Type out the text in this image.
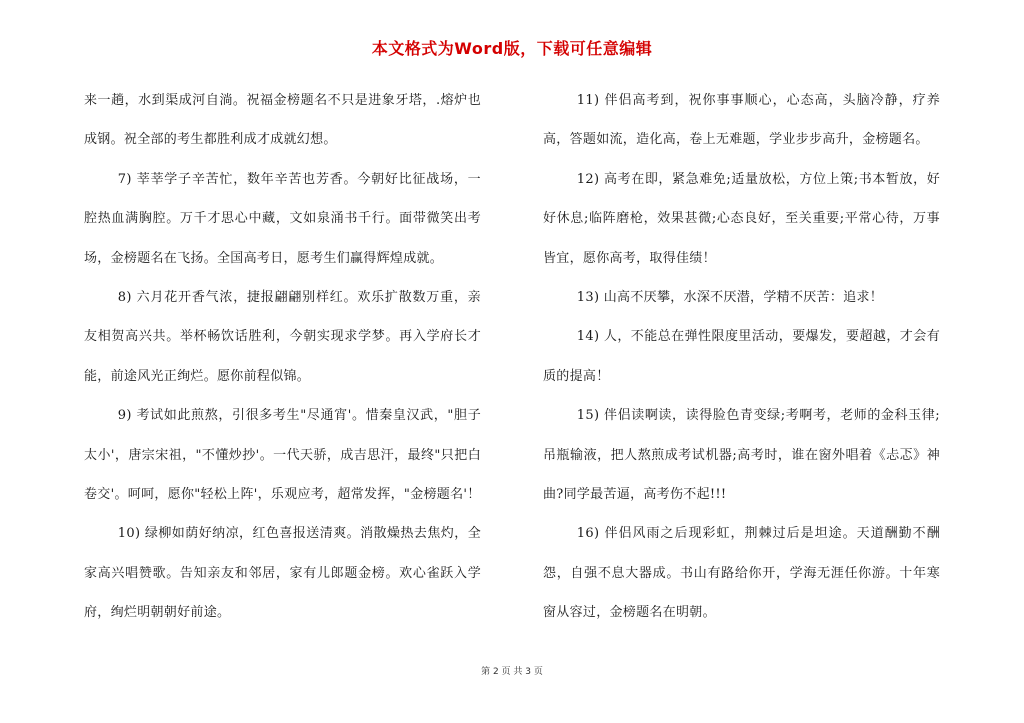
本文格式为Word版，下载可任意编辑

来一趟，水到渠成河自淌。祝福金榜题名不只是进象牙塔，.熔炉也成钢。祝全部的考生都胜利成才成就幻想。

7) 莘莘学子辛苦忙，数年辛苦也芳香。今朝好比征战场，一腔热血满胸腔。万千才思心中藏，文如泉涌书千行。面带微笑出考场，金榜题名在飞扬。全国高考日，愿考生们赢得辉煌成就。

8) 六月花开香气浓，捷报翩翩别样红。欢乐扩散数万重，亲友相贺高兴共。举杯畅饮话胜利，今朝实现求学梦。再入学府长才能，前途风光正绚烂。愿你前程似锦。

9) 考试如此煎熬，引很多考生"尽通宵'。惜秦皇汉武，"胆子太小'，唐宗宋祖，"不懂炒抄'。一代天骄，成吉思汗，最终"只把白卷交'。呵呵，愿你"轻松上阵'，乐观应考，超常发挥，"金榜题名'！

10) 绿柳如荫好纳凉，红色喜报送清爽。消散燥热去焦灼，全家高兴唱赞歌。告知亲友和邻居，家有儿郎题金榜。欢心雀跃入学府，绚烂明朝朝好前途。

11) 伴侣高考到，祝你事事顺心，心态高，头脑冷静，疗养高，答题如流，造化高，卷上无难题，学业步步高升，金榜题名。

12) 高考在即，紧急难免;适量放松，方位上策;书本暂放，好好休息;临阵磨枪，效果甚微;心态良好，至关重要;平常心待，万事皆宜，愿你高考，取得佳绩！

13) 山高不厌攀，水深不厌潜，学精不厌苦：追求！

14) 人，不能总在弹性限度里活动，要爆发，要超越，才会有质的提高！

15) 伴侣读啊读，读得脸色青变绿;考啊考，老师的金科玉律;吊瓶输液，把人熬煎成考试机器;高考时，谁在窗外唱着《忐忑》神曲?同学最苦逼，高考伤不起!!!

16) 伴侣风雨之后现彩虹，荆棘过后是坦途。天道酬勤不酬怨，自强不息大器成。书山有路给你开，学海无涯任你游。十年寒窗从容过，金榜题名在明朝。

第 2 页 共 3 页
